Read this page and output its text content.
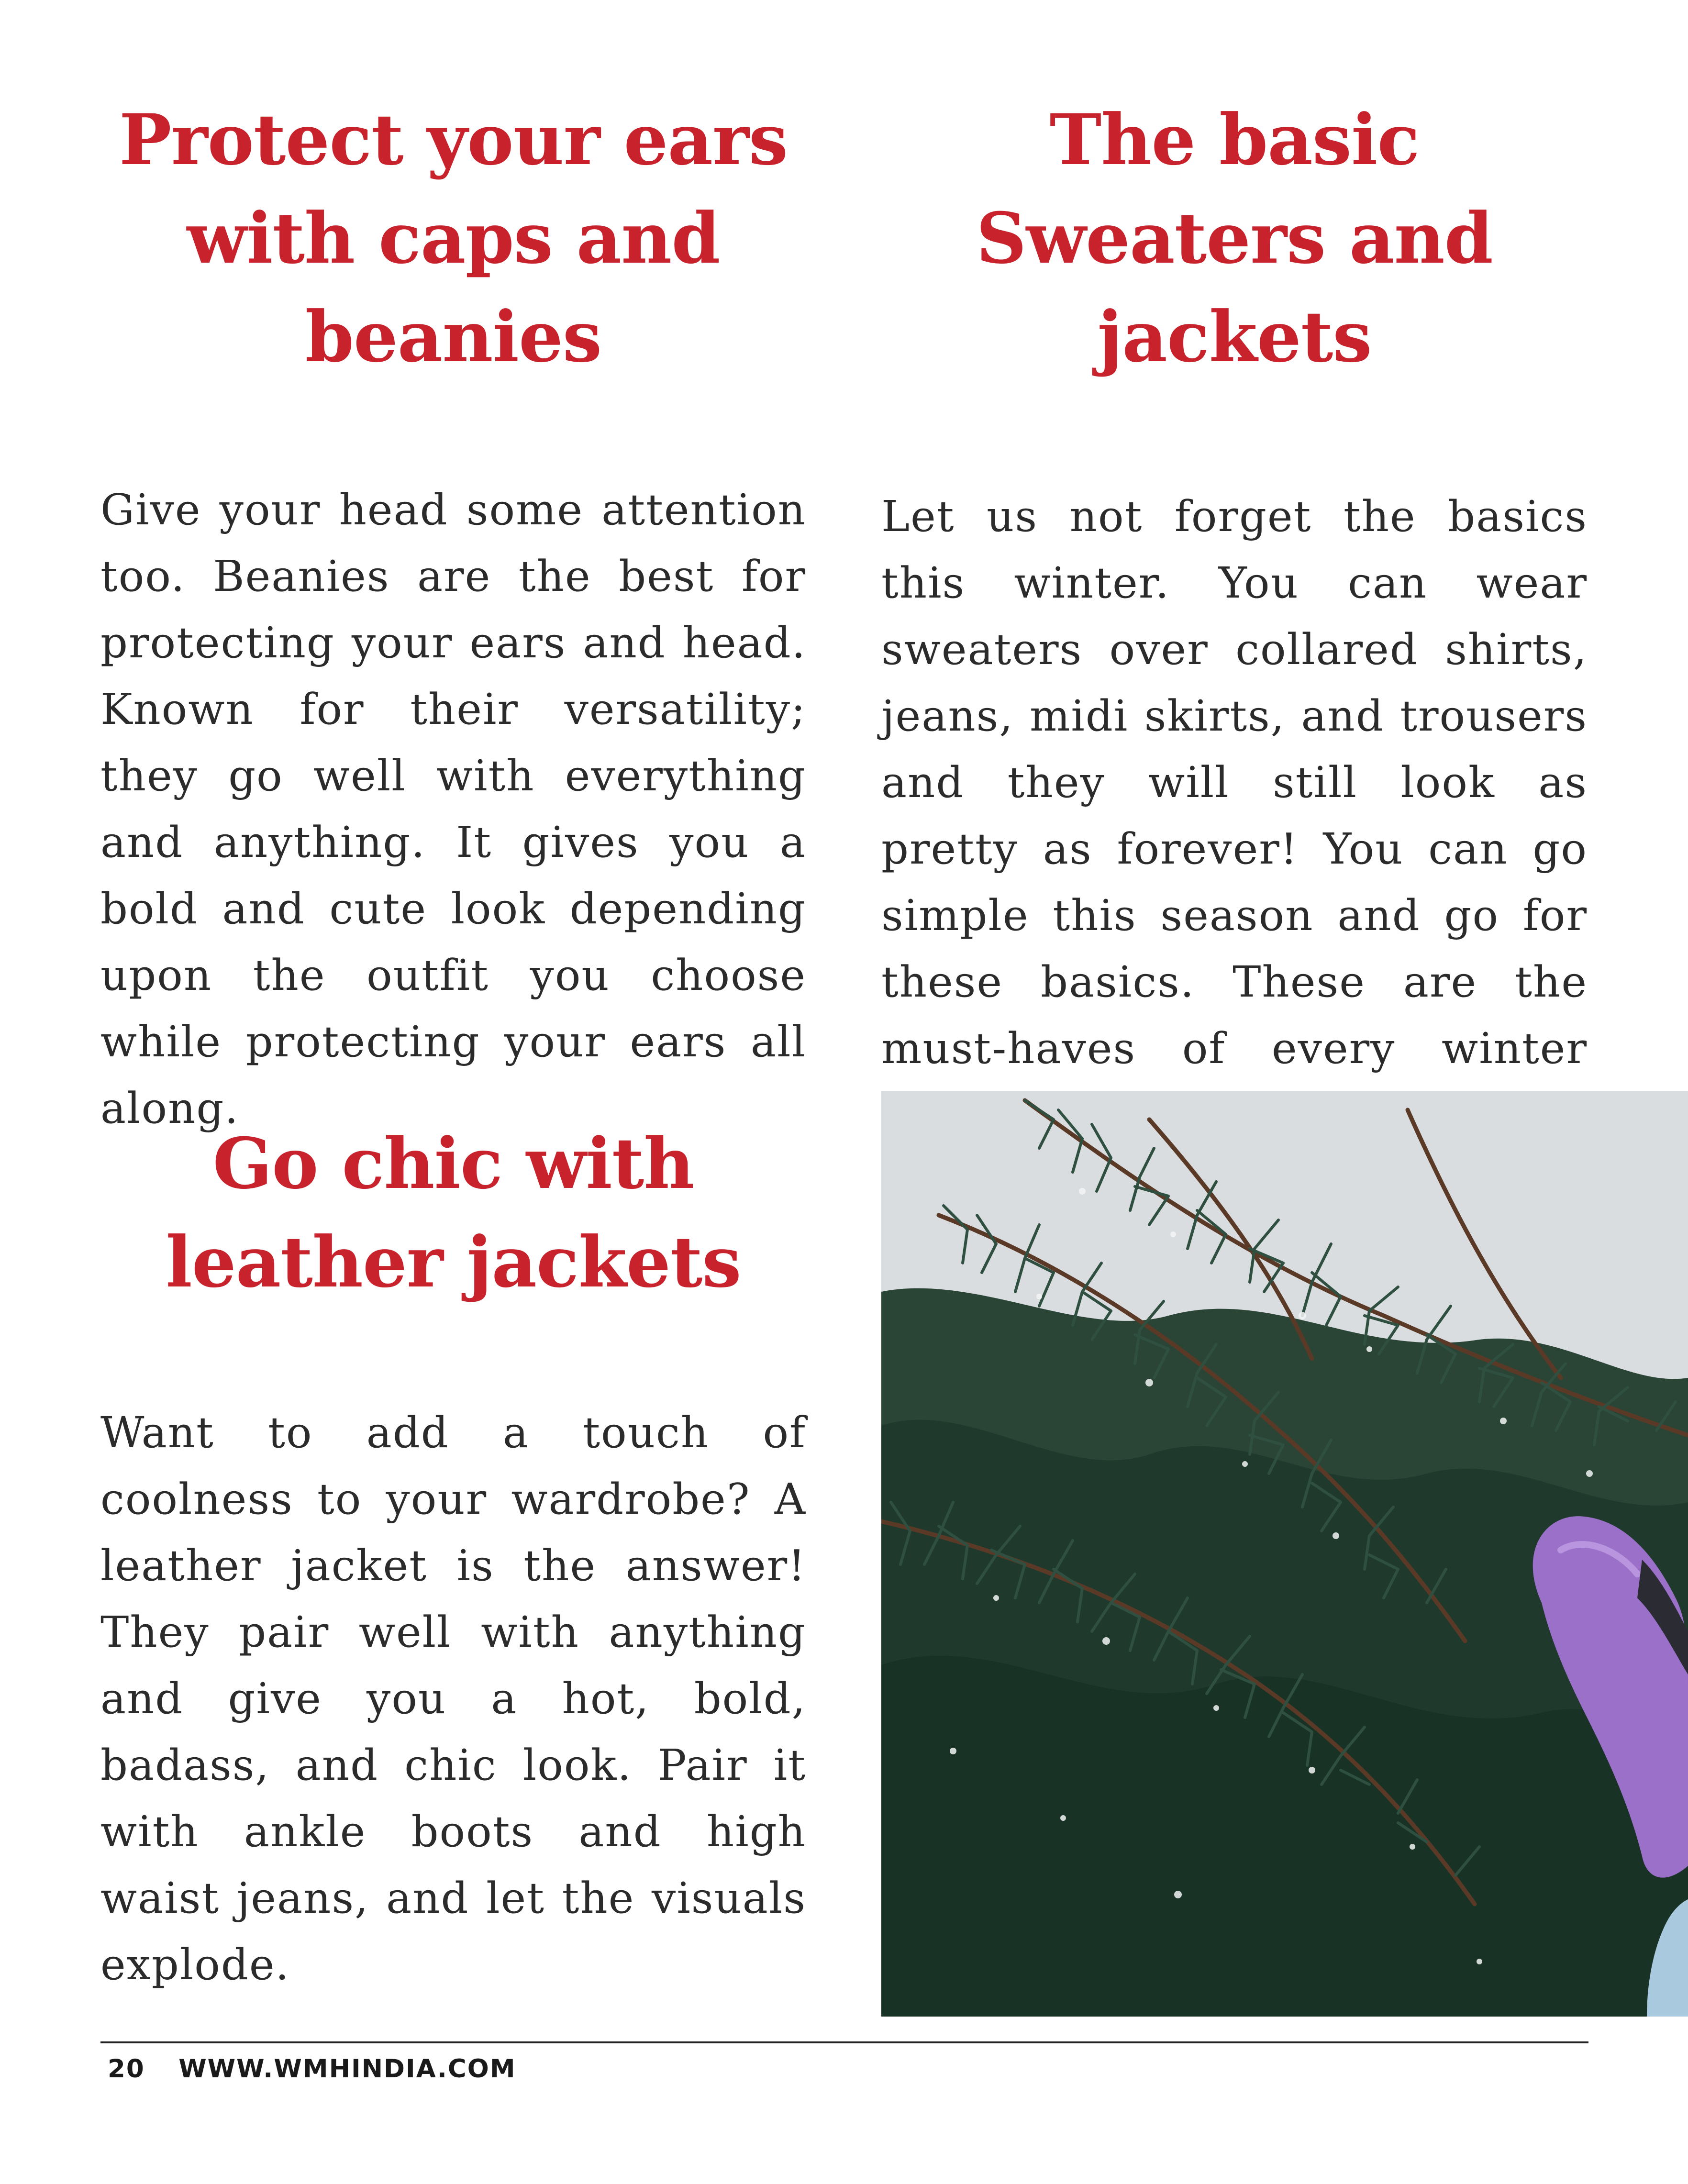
Protect your ears with caps and beanies

Give your head some attention too. Beanies are the best for protecting your ears and head. Known for their versatility; they go well with everything and anything. It gives you a bold and cute look depending upon the outfit you choose while protecting your ears all along.

The basic Sweaters and jackets

Let us not forget the basics this winter. You can wear sweaters over collared shirts, jeans, midi skirts, and trousers and they will still look as pretty as forever! You can go simple this season and go for these basics. These are the must-haves of every winter

Go chic with leather jackets

Want to add a touch of coolness to your wardrobe? A leather jacket is the answer! They pair well with anything and give you a hot, bold, badass, and chic look. Pair it with ankle boots and high waist jeans, and let the visuals explode.

20 WWW.WMHINDIA.COM
